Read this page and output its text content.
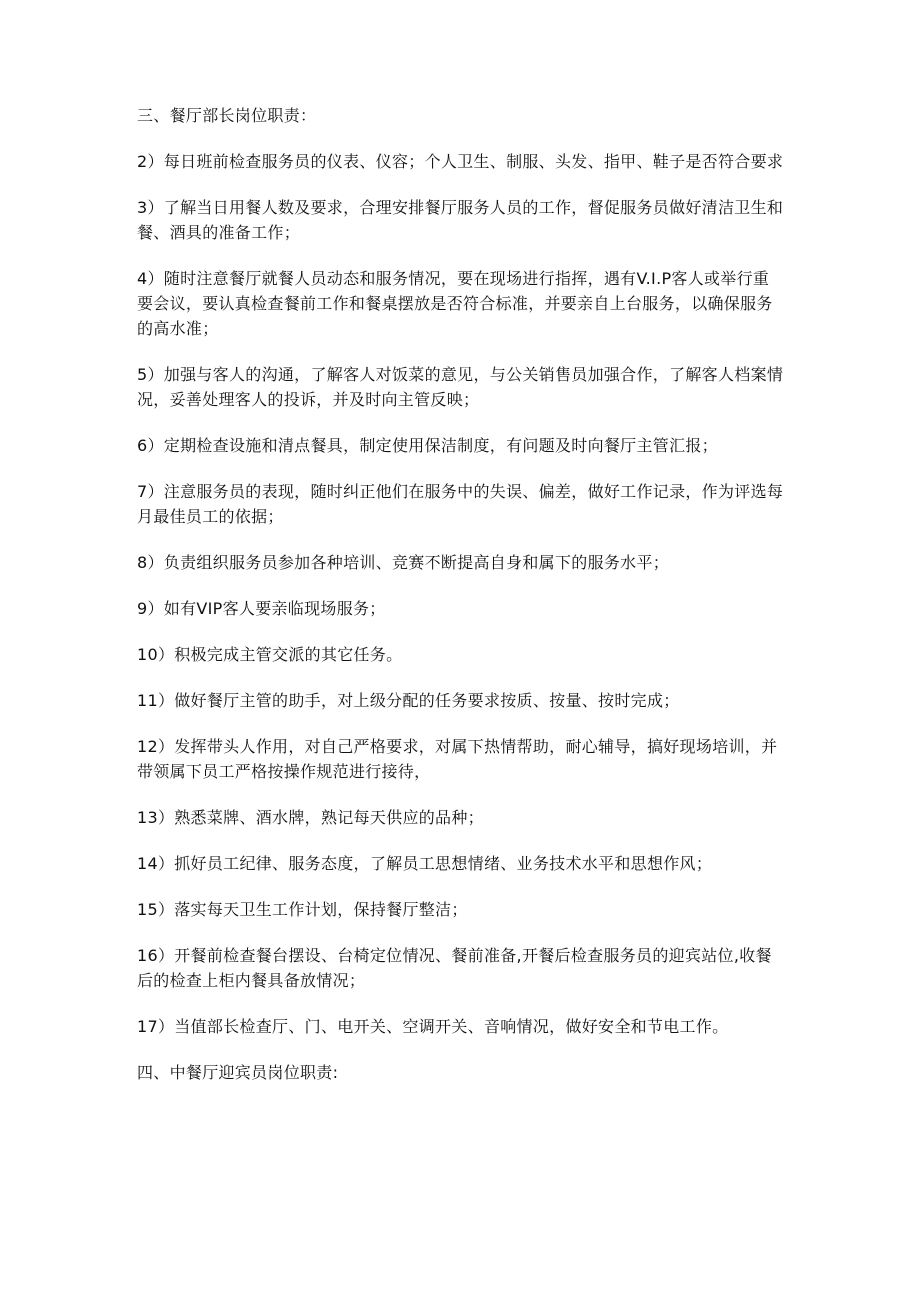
三、餐厅部长岗位职责：

2）每日班前检查服务员的仪表、仪容；个人卫生、制服、头发、指甲、鞋子是否符合要求

3）了解当日用餐人数及要求，合理安排餐厅服务人员的工作，督促服务员做好清洁卫生和餐、酒具的准备工作；

4）随时注意餐厅就餐人员动态和服务情况，要在现场进行指挥，遇有V.I.P客人或举行重要会议，要认真检查餐前工作和餐桌摆放是否符合标准，并要亲自上台服务，以确保服务的高水准；

5）加强与客人的沟通，了解客人对饭菜的意见，与公关销售员加强合作，了解客人档案情况，妥善处理客人的投诉，并及时向主管反映；

6）定期检查设施和清点餐具，制定使用保洁制度，有问题及时向餐厅主管汇报；

7）注意服务员的表现，随时纠正他们在服务中的失误、偏差，做好工作记录，作为评选每月最佳员工的依据；

8）负责组织服务员参加各种培训、竞赛不断提高自身和属下的服务水平；

9）如有VIP客人要亲临现场服务；

10）积极完成主管交派的其它任务。

11）做好餐厅主管的助手，对上级分配的任务要求按质、按量、按时完成；

12）发挥带头人作用，对自己严格要求，对属下热情帮助，耐心辅导，搞好现场培训，并带领属下员工严格按操作规范进行接待，

13）熟悉菜牌、酒水牌，熟记每天供应的品种；

14）抓好员工纪律、服务态度，了解员工思想情绪、业务技术水平和思想作风；

15）落实每天卫生工作计划，保持餐厅整洁；

16）开餐前检查餐台摆设、台椅定位情况、餐前准备,开餐后检查服务员的迎宾站位,收餐后的检查上柜内餐具备放情况；

17）当值部长检查厅、门、电开关、空调开关、音响情况，做好安全和节电工作。

四、中餐厅迎宾员岗位职责:
